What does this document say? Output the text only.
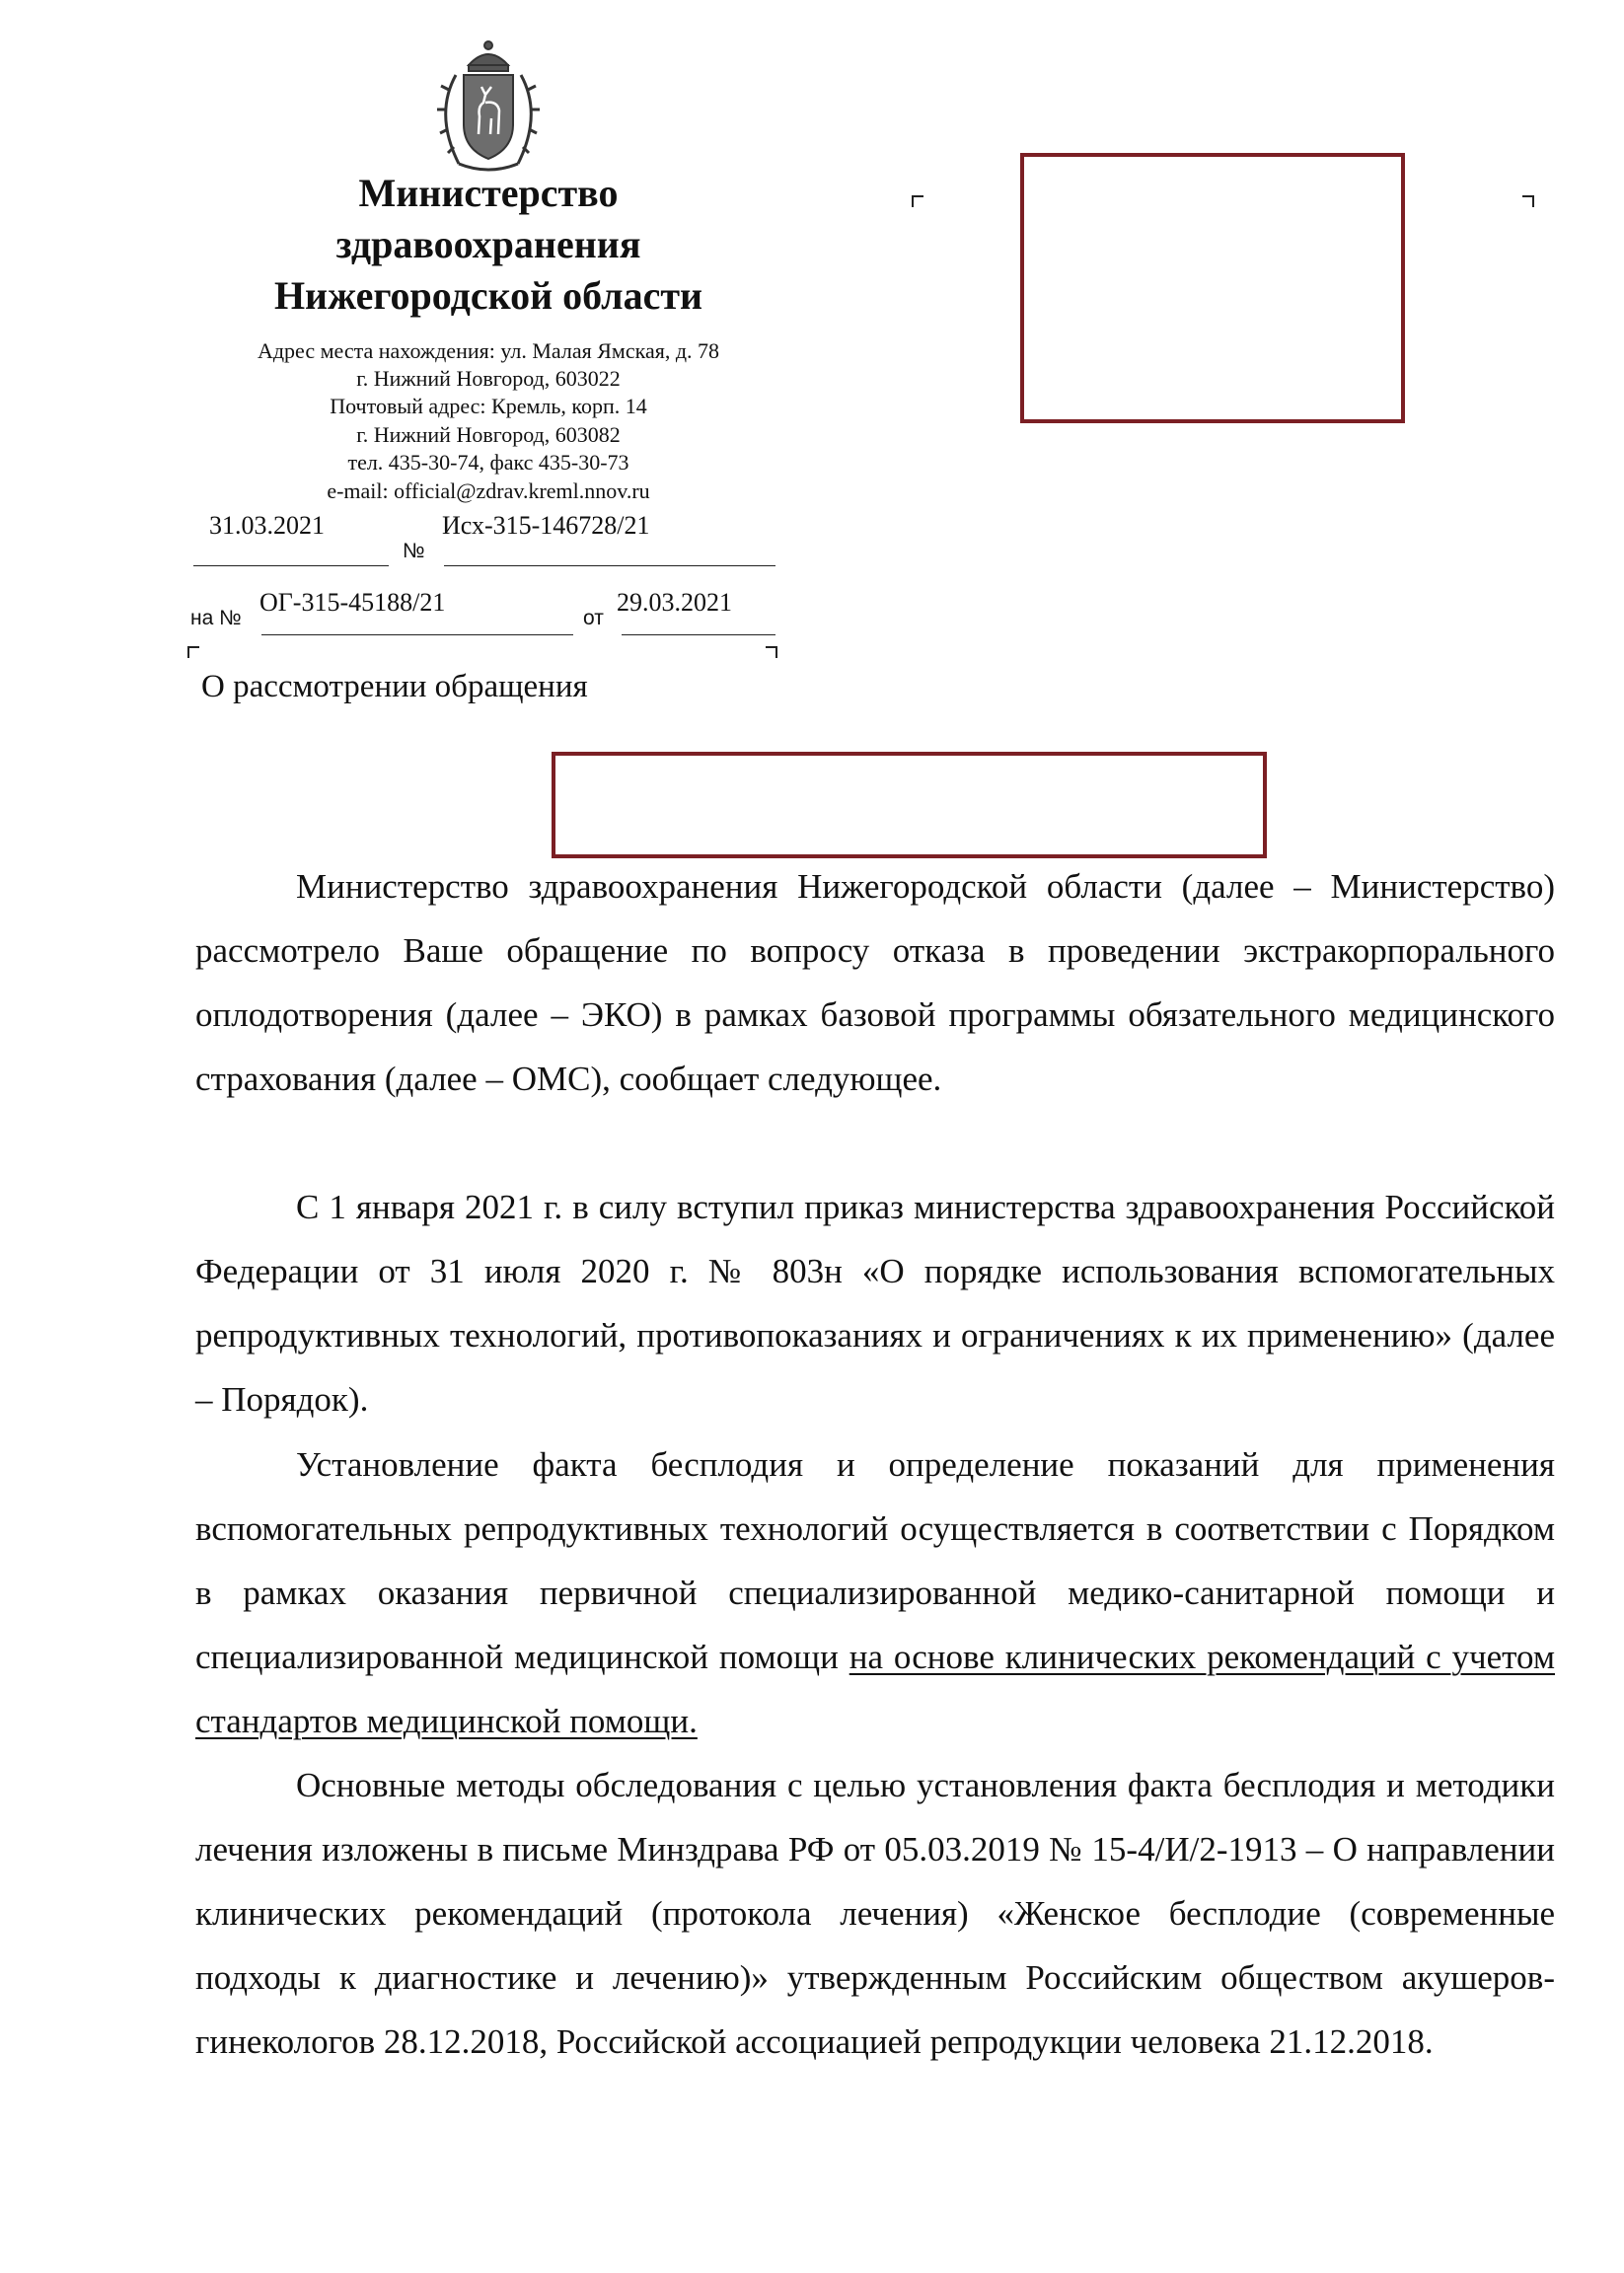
Министерство
здравоохранения
Нижегородской области
Адрес места нахождения: ул. Малая Ямская, д. 78
г. Нижний Новгород, 603022
Почтовый адрес: Кремль, корп. 14
г. Нижний Новгород, 603082
тел. 435-30-74, факс 435-30-73
e-mail: official@zdrav.kreml.nnov.ru
31.03.2021
№
Исх-315-146728/21
на №
ОГ-315-45188/21
от
29.03.2021
О рассмотрении обращения

Министерство здравоохранения Нижегородской области (далее – Министерство) рассмотрело Ваше обращение по вопросу отказа в проведении экстракорпорального оплодотворения (далее – ЭКО) в рамках базовой программы обязательного медицинского страхования (далее – ОМС), сообщает следующее.

С 1 января 2021 г. в силу вступил приказ министерства здравоохранения Российской Федерации от 31 июля 2020 г. № 803н «О порядке использования вспомогательных репродуктивных технологий, противопоказаниях и ограничениях к их применению» (далее – Порядок).

Установление факта бесплодия и определение показаний для применения вспомогательных репродуктивных технологий осуществляется в соответствии с Порядком в рамках оказания первичной специализированной медико-санитарной помощи и специализированной медицинской помощи на основе клинических рекомендаций с учетом стандартов медицинской помощи.

Основные методы обследования с целью установления факта бесплодия и методики лечения изложены в письме Минздрава РФ от 05.03.2019 № 15-4/И/2-1913 – О направлении клинических рекомендаций (протокола лечения) «Женское бесплодие (современные подходы к диагностике и лечению)» утвержденным Российским обществом акушеров-гинекологов 28.12.2018, Российской ассоциацией репродукции человека 21.12.2018.
